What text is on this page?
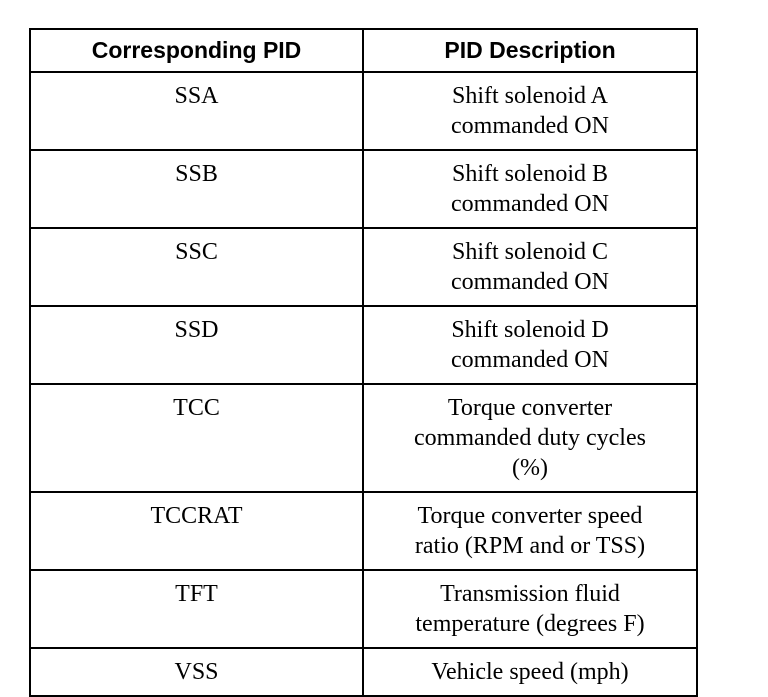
Corresponding PID	PID Description
SSA	Shift solenoid A
commanded ON

SSB	Shift solenoid B
commanded ON

SSC	Shift solenoid C
commanded ON

SSD	Shift solenoid D
commanded ON

TCC	Torque converter
commanded duty cycles
(%)

TCCRAT	Torque converter speed
ratio (RPM and or TSS)

TFT	Transmission fluid
temperature (degrees F)

VSS	Vehicle speed (mph)
